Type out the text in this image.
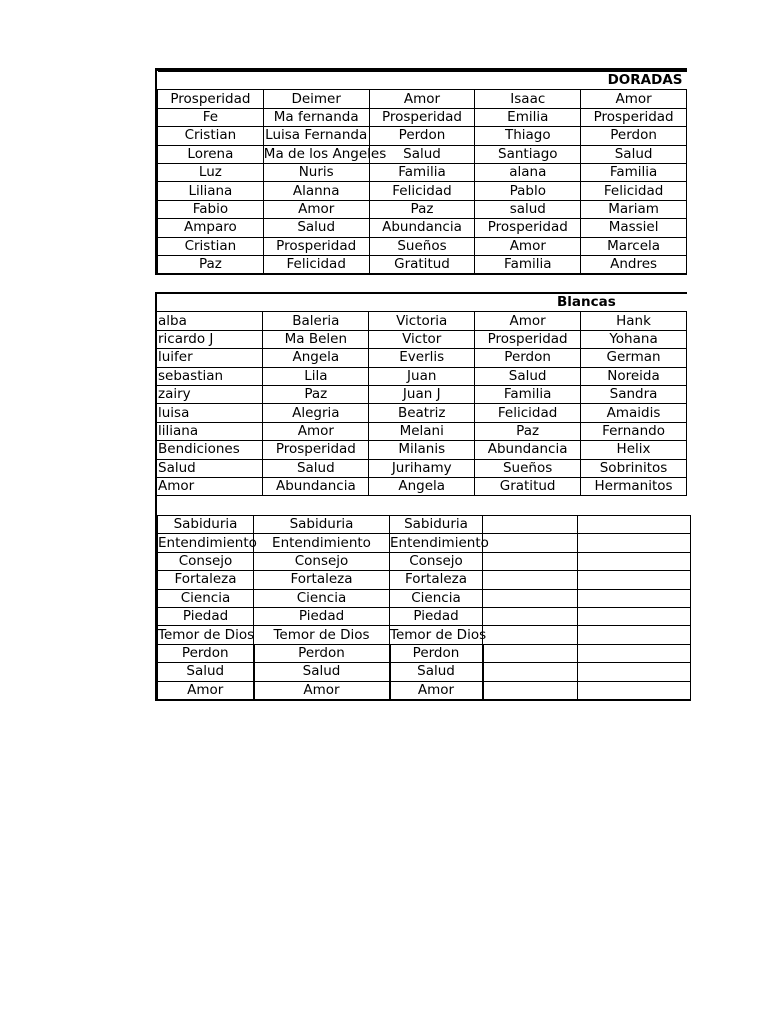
DORADAS				
Prosperidad	Deimer	Amor	Isaac	Amor
Fe	Ma fernanda	Prosperidad	Emilia	Prosperidad
Cristian	Luisa Fernanda	Perdon	Thiago	Perdon
Lorena	Ma de los Angeles	Salud	Santiago	Salud
Luz	Nuris	Familia	alana	Familia
Liliana	Alanna	Felicidad	Pablo	Felicidad
Fabio	Amor	Paz	salud	Mariam
Amparo	Salud	Abundancia	Prosperidad	Massiel
Cristian	Prosperidad	Sueños	Amor	Marcela
Paz	Felicidad	Gratitud	Familia	Andres
Blancas				
alba	Baleria	Victoria	Amor	Hank
ricardo J	Ma Belen	Victor	Prosperidad	Yohana
luifer	Angela	Everlis	Perdon	German
sebastian	Lila	Juan	Salud	Noreida
zairy	Paz	Juan J	Familia	Sandra
luisa	Alegria	Beatriz	Felicidad	Amaidis
liliana	Amor	Melani	Paz	Fernando
Bendiciones	Prosperidad	Milanis	Abundancia	Helix
Salud	Salud	Jurihamy	Sueños	Sobrinitos
Amor	Abundancia	Angela	Gratitud	Hermanitos
Sabiduria	Sabiduria	Sabiduria		
Entendimiento	Entendimiento	Entendimiento		
Consejo	Consejo	Consejo		
Fortaleza	Fortaleza	Fortaleza		
Ciencia	Ciencia	Ciencia		
Piedad	Piedad	Piedad		
Temor de Dios	Temor de Dios	Temor de Dios		
Perdon	Perdon	Perdon		
Salud	Salud	Salud		
Amor	Amor	Amor		
